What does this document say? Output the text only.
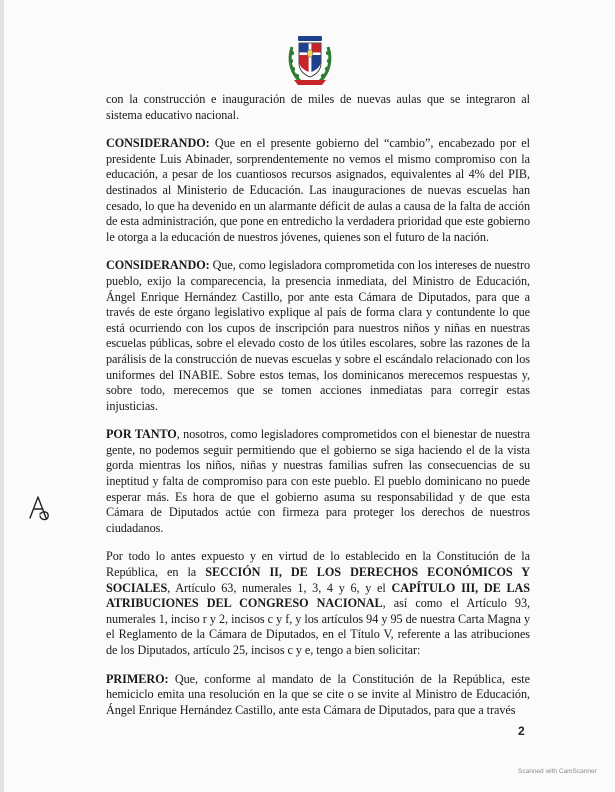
con la construcción e inauguración de miles de nuevas aulas que se integraron al sistema educativo nacional.

CONSIDERANDO: Que en el presente gobierno del “cambio”, encabezado por el presidente Luis Abinader, sorprendentemente no vemos el mismo compromiso con la educación, a pesar de los cuantiosos recursos asignados, equivalentes al 4% del PIB, destinados al Ministerio de Educación. Las inauguraciones de nuevas escuelas han cesado, lo que ha devenido en un alarmante déficit de aulas a causa de la falta de acción de esta administración, que pone en entredicho la verdadera prioridad que este gobierno le otorga a la educación de nuestros jóvenes, quienes son el futuro de la nación.

CONSIDERANDO: Que, como legisladora comprometida con los intereses de nuestro pueblo, exijo la comparecencia, la presencia inmediata, del Ministro de Educación, Ángel Enrique Hernández Castillo, por ante esta Cámara de Diputados, para que a través de este órgano legislativo explique al país de forma clara y contundente lo que está ocurriendo con los cupos de inscripción para nuestros niños y niñas en nuestras escuelas públicas, sobre el elevado costo de los útiles escolares, sobre las razones de la parálisis de la construcción de nuevas escuelas y sobre el escándalo relacionado con los uniformes del INABIE. Sobre estos temas, los dominicanos merecemos respuestas y, sobre todo, merecemos que se tomen acciones inmediatas para corregir estas injusticias.

POR TANTO, nosotros, como legisladores comprometidos con el bienestar de nuestra gente, no podemos seguir permitiendo que el gobierno se siga haciendo el de la vista gorda mientras los niños, niñas y nuestras familias sufren las consecuencias de su ineptitud y falta de compromiso para con este pueblo. El pueblo dominicano no puede esperar más. Es hora de que el gobierno asuma su responsabilidad y de que esta Cámara de Diputados actúe con firmeza para proteger los derechos de nuestros ciudadanos.

Por todo lo antes expuesto y en virtud de lo establecido en la Constitución de la República, en la SECCIÓN II, DE LOS DERECHOS ECONÓMICOS Y SOCIALES, Artículo 63, numerales 1, 3, 4 y 6, y el CAPÍTULO III, DE LAS ATRIBUCIONES DEL CONGRESO NACIONAL, así como el Artículo 93, numerales 1, inciso r y 2, incisos c y f, y los artículos 94 y 95 de nuestra Carta Magna y el Reglamento de la Cámara de Diputados, en el Título V, referente a las atribuciones de los Diputados, artículo 25, incisos c y e, tengo a bien solicitar:

PRIMERO: Que, conforme al mandato de la Constitución de la República, este hemiciclo emita una resolución en la que se cite o se invite al Ministro de Educación, Ángel Enrique Hernández Castillo, ante esta Cámara de Diputados, para que a través

2
Scanned with CamScanner
